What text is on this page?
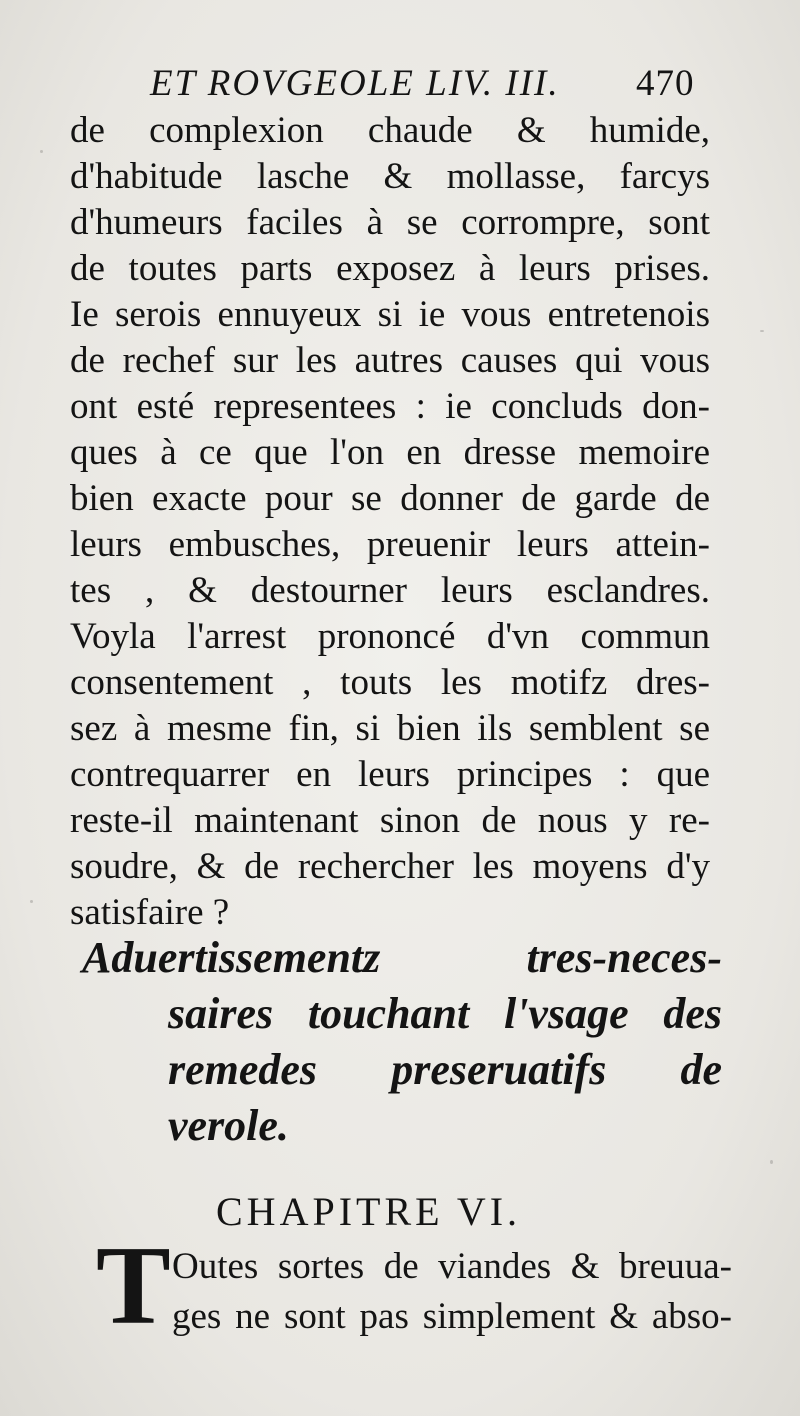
ET ROVGEOLE LIV. III. 470
de complexion chaude & humide,
d'habitude lasche & mollasse, farcys
d'humeurs faciles à se corrompre, sont
de toutes parts exposez à leurs prises.
Ie serois ennuyeux si ie vous entretenois
de rechef sur les autres causes qui vous
ont esté representees : ie concluds don-
ques à ce que l'on en dresse memoire
bien exacte pour se donner de garde de
leurs embusches, preuenir leurs attein-
tes , & destourner leurs esclandres.
Voyla l'arrest prononcé d'vn commun
consentement , touts les motifz dres-
sez à mesme fin, si bien ils semblent se
contrequarrer en leurs principes : que
reste-il maintenant sinon de nous y re-
soudre, & de rechercher les moyens d'y
satisfaire ?
Aduertissementz tres-neces-
saires touchant l'vsage des
remedes preseruatifs de
verole.
CHAPITRE VI.
T Outes sortes de viandes & breuua-
ges ne sont pas simplement & abso-
